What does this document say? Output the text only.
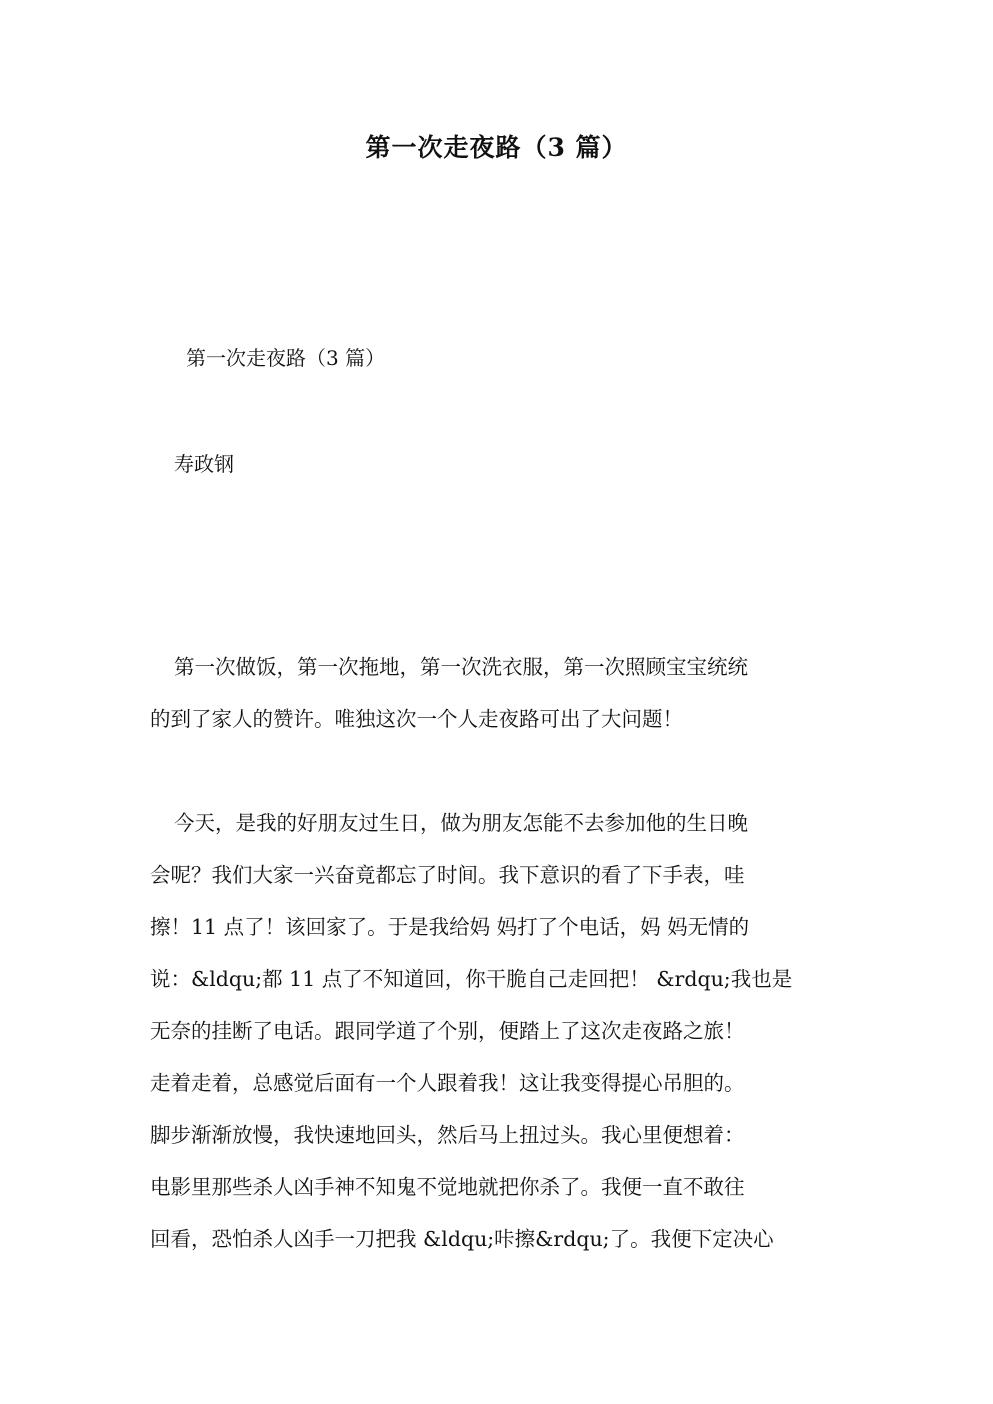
第一次走夜路（3 篇）

第一次走夜路（3 篇）

寿政钢

第一次做饭，第一次拖地，第一次洗衣服，第一次照顾宝宝统统

的到了家人的赞许。唯独这次一个人走夜路可出了大问题！

今天，是我的好朋友过生日，做为朋友怎能不去参加他的生日晚

会呢？我们大家一兴奋竟都忘了时间。我下意识的看了下手表，哇

擦！11 点了！该回家了。于是我给妈 妈打了个电话，妈 妈无情的

说：&ldqu;都 11 点了不知道回，你干脆自己走回把！ &rdqu;我也是

无奈的挂断了电话。跟同学道了个别，便踏上了这次走夜路之旅！

走着走着，总感觉后面有一个人跟着我！这让我变得提心吊胆的。

脚步渐渐放慢，我快速地回头，然后马上扭过头。我心里便想着：

电影里那些杀人凶手神不知鬼不觉地就把你杀了。我便一直不敢往

回看，恐怕杀人凶手一刀把我 &ldqu;咔擦&rdqu;了。我便下定决心
